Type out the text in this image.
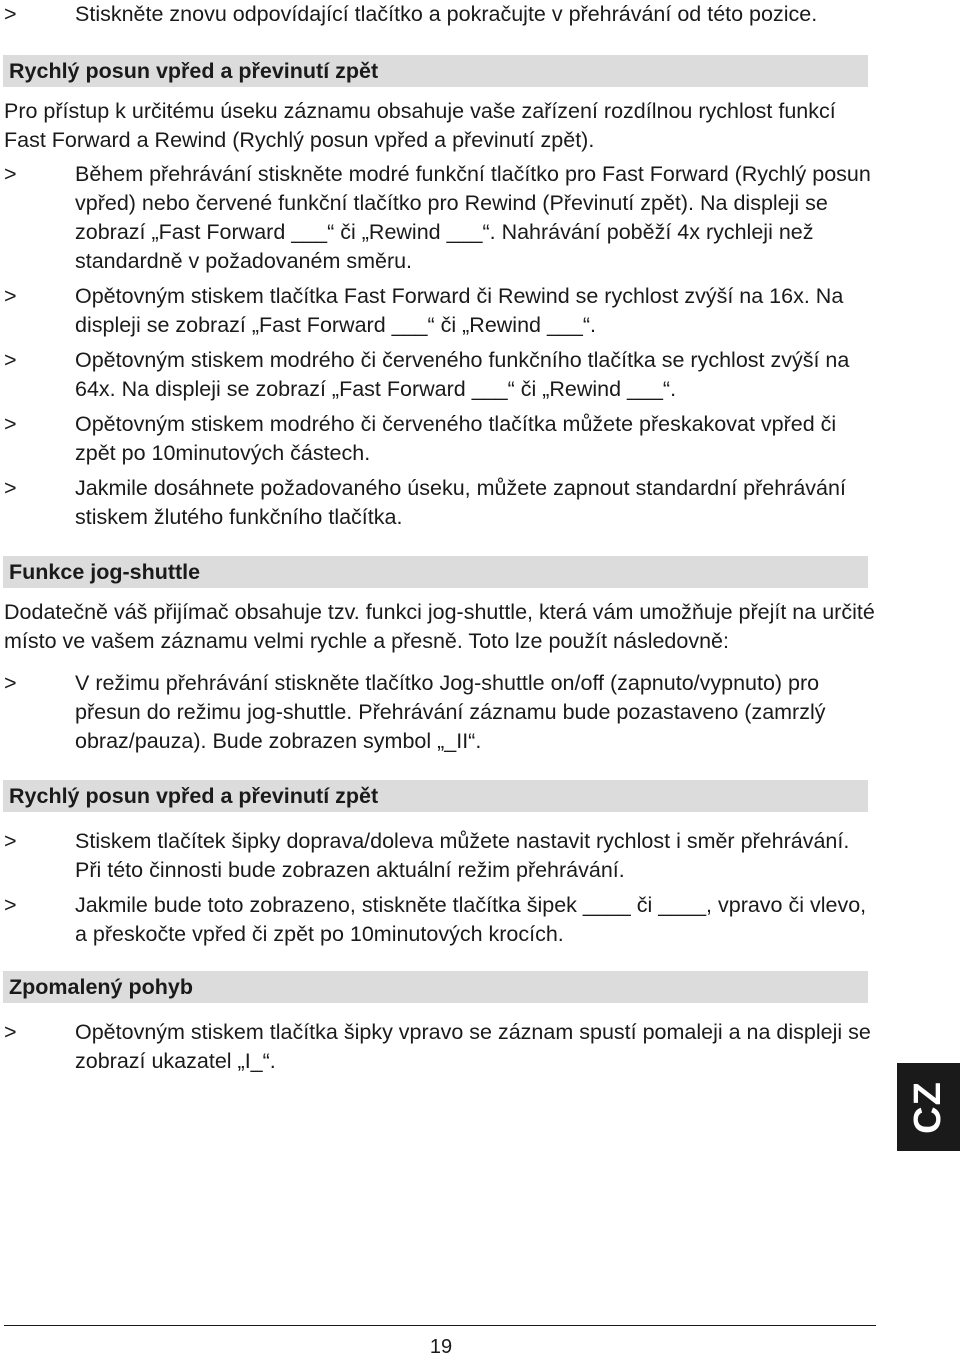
>	Stiskněte znovu odpovídající tlačítko a pokračujte v přehrávání od této pozice.
Rychlý posun vpřed a převinutí zpět
Pro přístup k určitému úseku záznamu obsahuje vaše zařízení rozdílnou rychlost funkcí Fast Forward a Rewind (Rychlý posun vpřed a převinutí zpět).
>	Během přehrávání stiskněte modré funkční tlačítko pro Fast Forward (Rychlý posun vpřed) nebo červené funkční tlačítko pro Rewind (Převinutí zpět). Na displeji se zobrazí „Fast Forward ___“ či „Rewind ___“. Nahrávání poběží 4x rychleji než standardně v požadovaném směru.
>	Opětovným stiskem tlačítka Fast Forward či Rewind se rychlost zvýší na 16x. Na displeji se zobrazí „Fast Forward ___“ či „Rewind ___“.
>	Opětovným stiskem modrého či červeného funkčního tlačítka se rychlost zvýší na 64x. Na displeji se zobrazí „Fast Forward ___“ či „Rewind ___“.
>	Opětovným stiskem modrého či červeného tlačítka můžete přeskakovat vpřed či zpět po 10minutových částech.
>	Jakmile dosáhnete požadovaného úseku, můžete zapnout standardní přehrávání stiskem žlutého funkčního tlačítka.
Funkce jog-shuttle
Dodatečně váš přijímač obsahuje tzv. funkci jog-shuttle, která vám umožňuje přejít na určité místo ve vašem záznamu velmi rychle a přesně. Toto lze použít následovně:
>	V režimu přehrávání stiskněte tlačítko Jog-shuttle on/off (zapnuto/vypnuto) pro přesun do režimu jog-shuttle. Přehrávání záznamu bude pozastaveno (zamrzlý obraz/pauza). Bude zobrazen symbol „_II“.
Rychlý posun vpřed a převinutí zpět
>	Stiskem tlačítek šipky doprava/doleva můžete nastavit rychlost i směr přehrávání. Při této činnosti bude zobrazen aktuální režim přehrávání.
>	Jakmile bude toto zobrazeno, stiskněte tlačítka šipek ____ či ____, vpravo či vlevo, a přeskočte vpřed či zpět po 10minutových krocích.
Zpomalený pohyb
>	Opětovným stiskem tlačítka šipky vpravo se záznam spustí pomaleji a na displeji se zobrazí ukazatel „I_“.
CZ
19
